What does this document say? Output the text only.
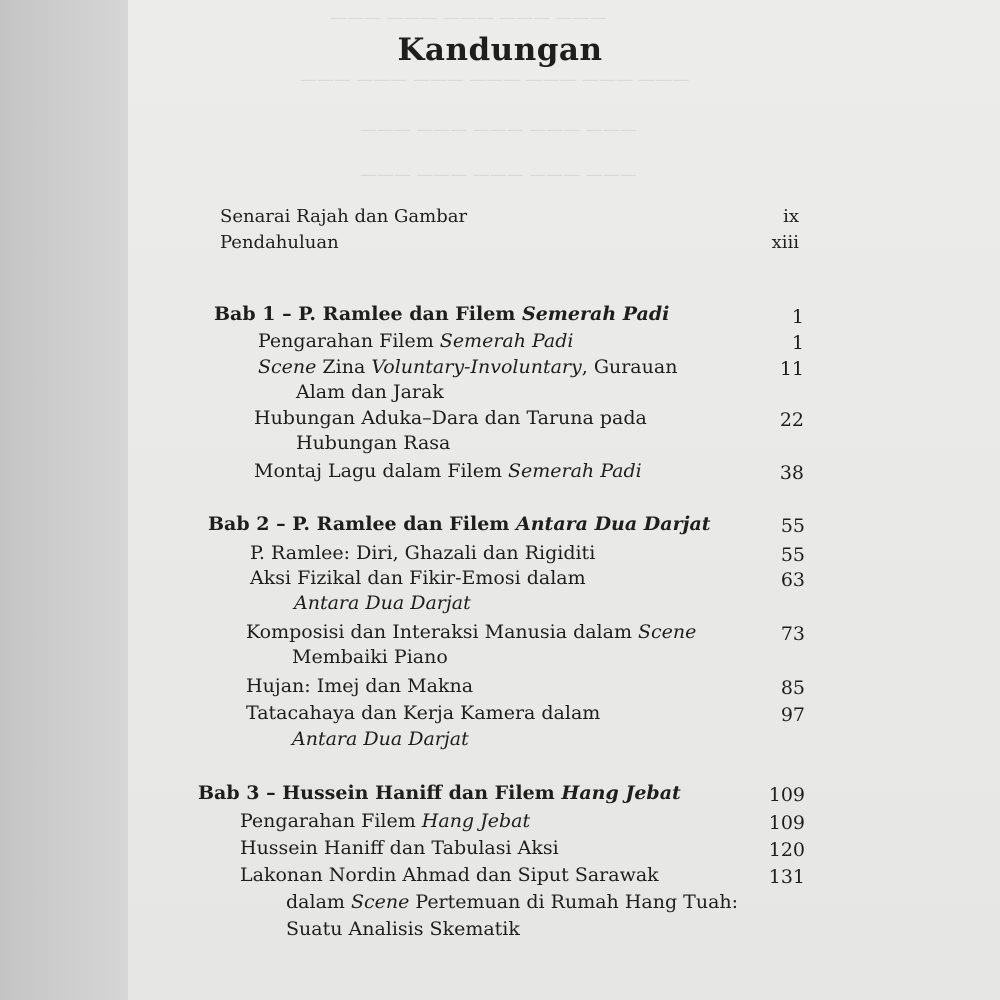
Kandungan
Senarai Rajah dan Gambar	ix
Pendahuluan	xiii
Bab 1 – P. Ramlee dan Filem Semerah Padi	1
Pengarahan Filem Semerah Padi	1
Scene Zina Voluntary-Involuntary, Gurauan	11
Alam dan Jarak
Hubungan Aduka–Dara dan Taruna pada	22
Hubungan Rasa
Montaj Lagu dalam Filem Semerah Padi	38
Bab 2 – P. Ramlee dan Filem Antara Dua Darjat	55
P. Ramlee: Diri, Ghazali dan Rigiditi	55
Aksi Fizikal dan Fikir-Emosi dalam	63
Antara Dua Darjat
Komposisi dan Interaksi Manusia dalam Scene	73
Membaiki Piano
Hujan: Imej dan Makna	85
Tatacahaya dan Kerja Kamera dalam	97
Antara Dua Darjat
Bab 3 – Hussein Haniff dan Filem Hang Jebat	109
Pengarahan Filem Hang Jebat	109
Hussein Haniff dan Tabulasi Aksi	120
Lakonan Nordin Ahmad dan Siput Sarawak	131
dalam Scene Pertemuan di Rumah Hang Tuah:
Suatu Analisis Skematik
